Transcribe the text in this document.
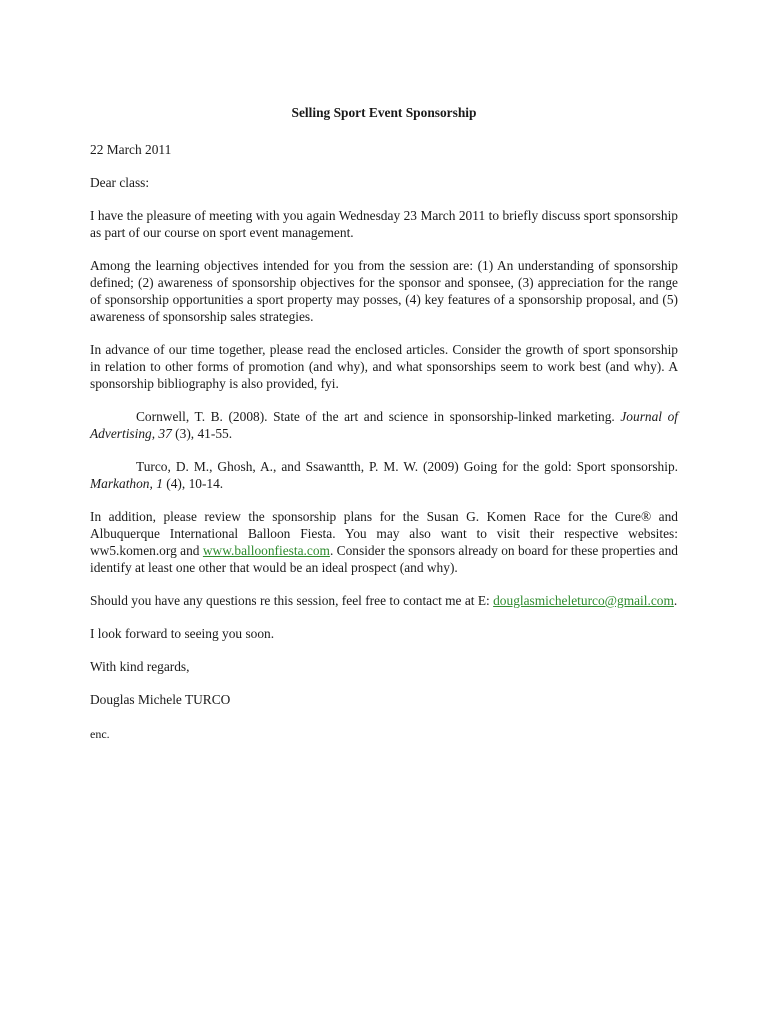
Selling Sport Event Sponsorship

22 March 2011

Dear class:

I have the pleasure of meeting with you again Wednesday 23 March 2011 to briefly discuss sport sponsorship as part of our course on sport event management.

Among the learning objectives intended for you from the session are: (1) An understanding of sponsorship defined; (2) awareness of sponsorship objectives for the sponsor and sponsee, (3) appreciation for the range of sponsorship opportunities a sport property may posses, (4) key features of a sponsorship proposal, and (5) awareness of sponsorship sales strategies.

In advance of our time together, please read the enclosed articles. Consider the growth of sport sponsorship in relation to other forms of promotion (and why), and what sponsorships seem to work best (and why). A sponsorship bibliography is also provided, fyi.

Cornwell, T. B. (2008). State of the art and science in sponsorship-linked marketing. Journal of Advertising, 37 (3), 41-55.

Turco, D. M., Ghosh, A., and Ssawantth, P. M. W. (2009) Going for the gold: Sport sponsorship. Markathon, 1 (4), 10-14.

In addition, please review the sponsorship plans for the Susan G. Komen Race for the Cure® and Albuquerque International Balloon Fiesta. You may also want to visit their respective websites: ww5.komen.org and www.balloonfiesta.com. Consider the sponsors already on board for these properties and identify at least one other that would be an ideal prospect (and why).

Should you have any questions re this session, feel free to contact me at E: douglasmicheleturco@gmail.com.

I look forward to seeing you soon.

With kind regards,

Douglas Michele TURCO

enc.
